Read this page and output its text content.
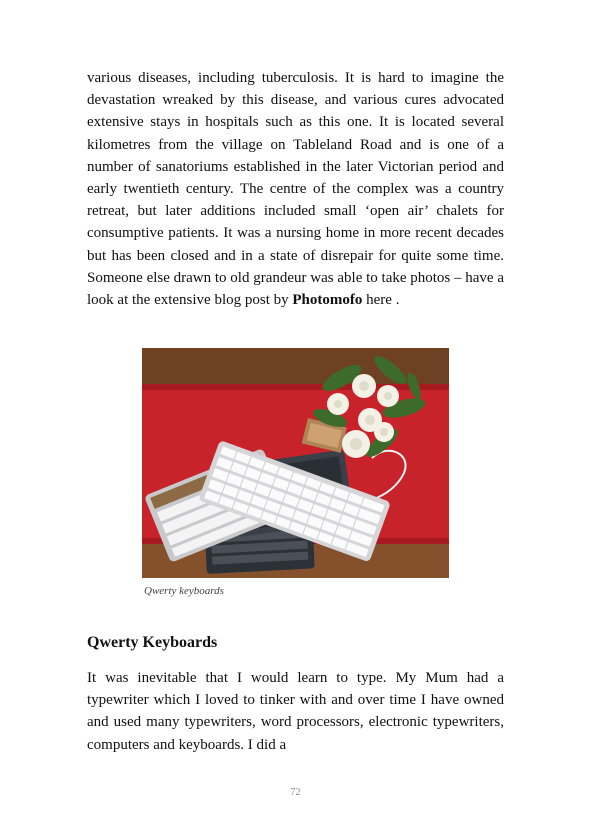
various diseases, including tuberculosis. It is hard to imagine the devastation wreaked by this disease, and various cures advocated extensive stays in hospitals such as this one. It is located several kilometres from the village on Tableland Road and is one of a number of sanatoriums established in the later Victorian period and early twentieth century. The centre of the complex was a country retreat, but later additions included small ‘open air’ chalets for consumptive patients. It was a nursing home in more recent decades but has been closed and in a state of disrepair for quite some time. Someone else drawn to old grandeur was able to take photos – have a look at the extensive blog post by Photomofo here .

Qwerty keyboards
Qwerty Keyboards

It was inevitable that I would learn to type. My Mum had a typewriter which I loved to tinker with and over time I have owned and used many typewriters, word processors, electronic typewriters, computers and keyboards. I did a

72
